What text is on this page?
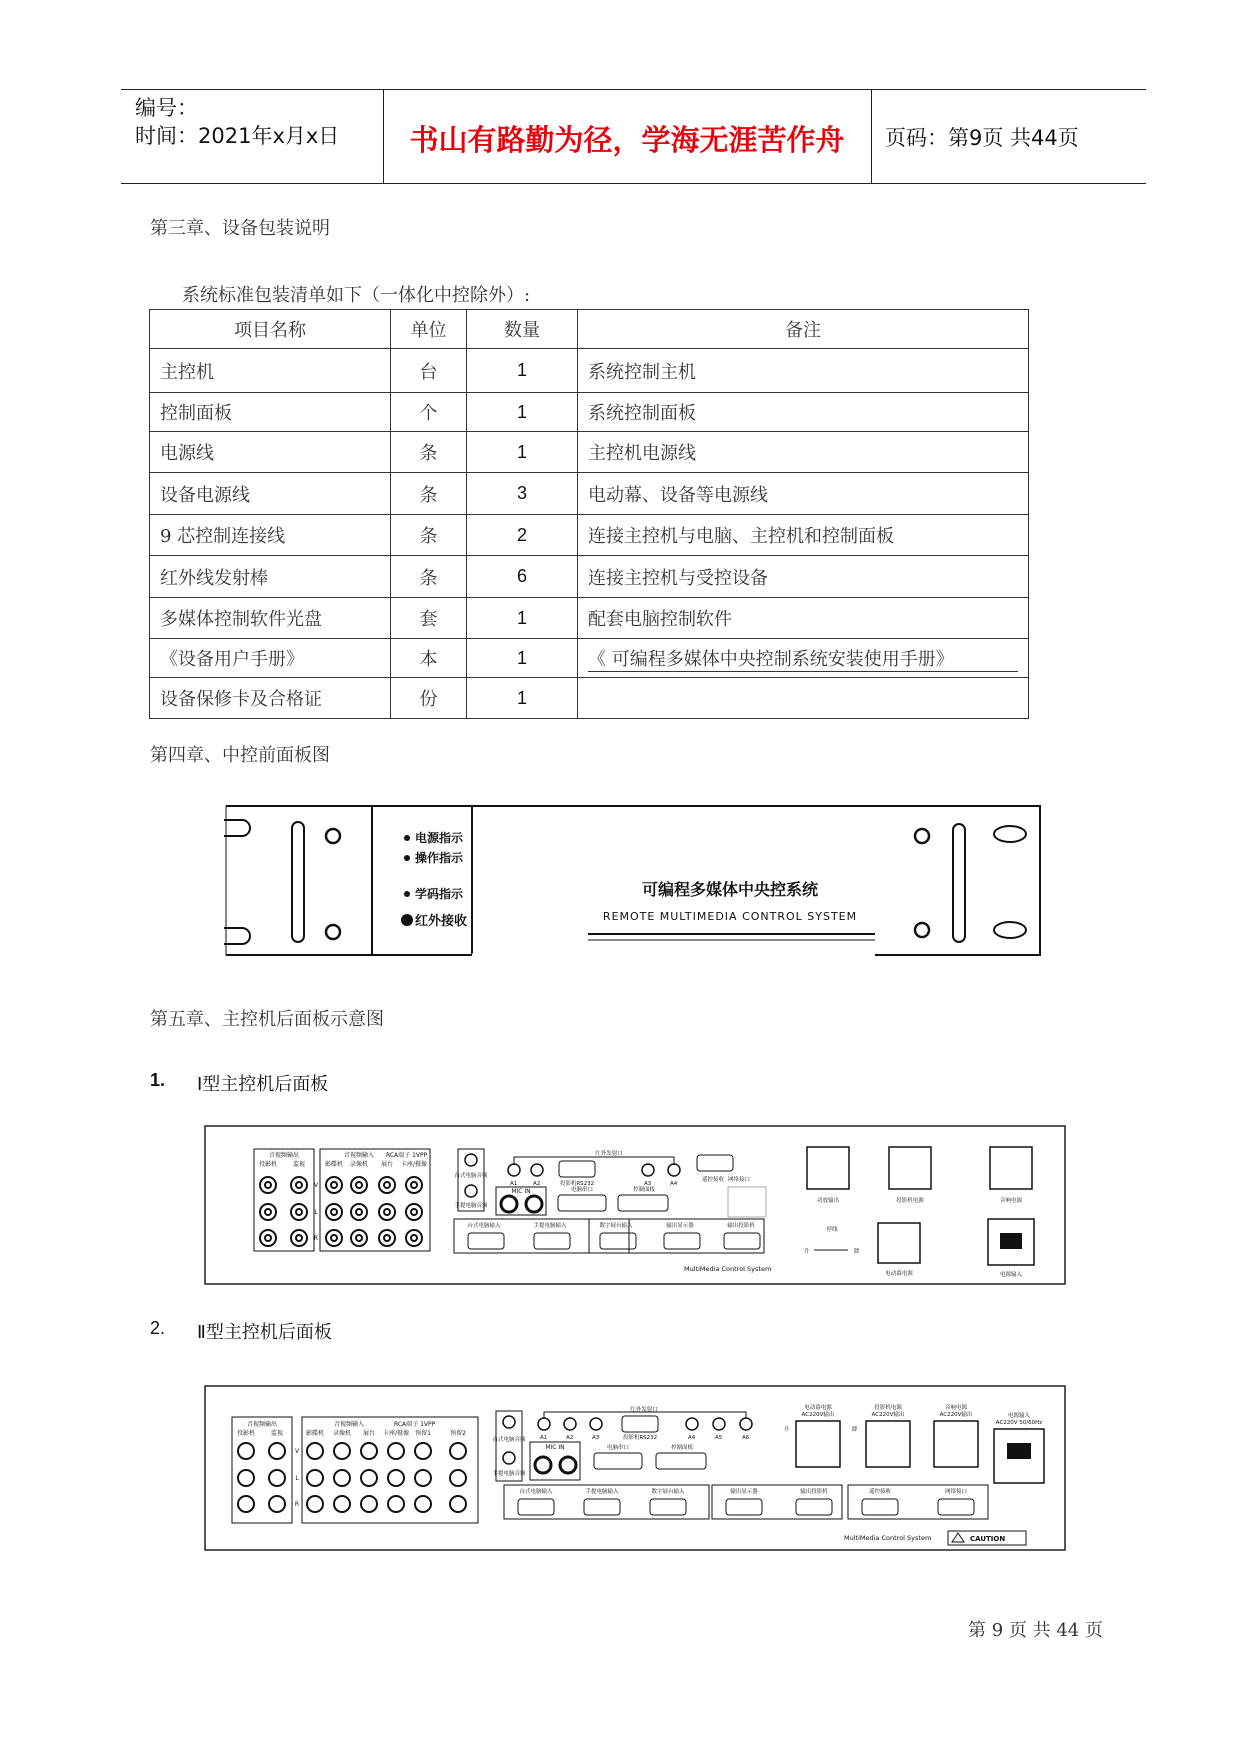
编号：
时间：2021年x月x日	书山有路勤为径，学海无涯苦作舟	页码：第9页 共44页
第三章、设备包装说明
系统标准包装清单如下（一体化中控除外）:
项目名称	单位	数量	备注
主控机	台	1	系统控制主机
控制面板	个	1	系统控制面板
电源线	条	1	主控机电源线
设备电源线	条	3	电动幕、设备等电源线
9 芯控制连接线	条	2	连接主控机与电脑、主控机和控制面板
红外线发射棒	条	6	连接主控机与受控设备
多媒体控制软件光盘	套	1	配套电脑控制软件
《设备用户手册》	本	1	《 可编程多媒体中央控制系统安装使用手册》
设备保修卡及合格证	份	1	
第四章、中控前面板图
电源指示
操作指示
学码指示
红外接收
可编程多媒体中央控系统
REMOTE MULTIMEDIA CONTROL SYSTEM
第五章、主控机后面板示意图
1. Ⅰ型主控机后面板
音视频输出
投影机	监视
音视频输入 RCA端子 1VPP
影碟机 录像机 展台 卡座/摄像
V
L
R
台式电脑音频
手提电脑音频
红外发射口
A1	A2	投影机RS232	A3	A4
MIC IN	电脑串口	控制面板
遥控接收 网络接口
台式电脑输入	手提电脑输入	数字展台输入	输出显示器	输出投影机
MultiMedia Control System
功放输出	投影机电源	音响电源
电动幕电源	电源输入
停线
升	降
2. Ⅱ型主控机后面板
音视频输出
投影机	监视
音视频输入	RCA端子 1VPP
影碟机 录像机 展台 卡座/摄像 预留1	预留2
V
L
R
台式电脑音频
手提电脑音频
红外发射口
A1	A2	A3	投影机RS232	A4	A5	A6
MIC IN	电脑串口	控制面板
台式电脑输入	手提电脑输入	数字展台输入	输出显示器	输出投影机	遥控接收	网络接口
电动幕电源
AC220V输出
投影机电源
AC220V输出
音响电源
AC220V输出
升	降
电源输入
AC220V 50/60Hz
MultiMedia Control System	CAUTION
第 9 页 共 44 页
